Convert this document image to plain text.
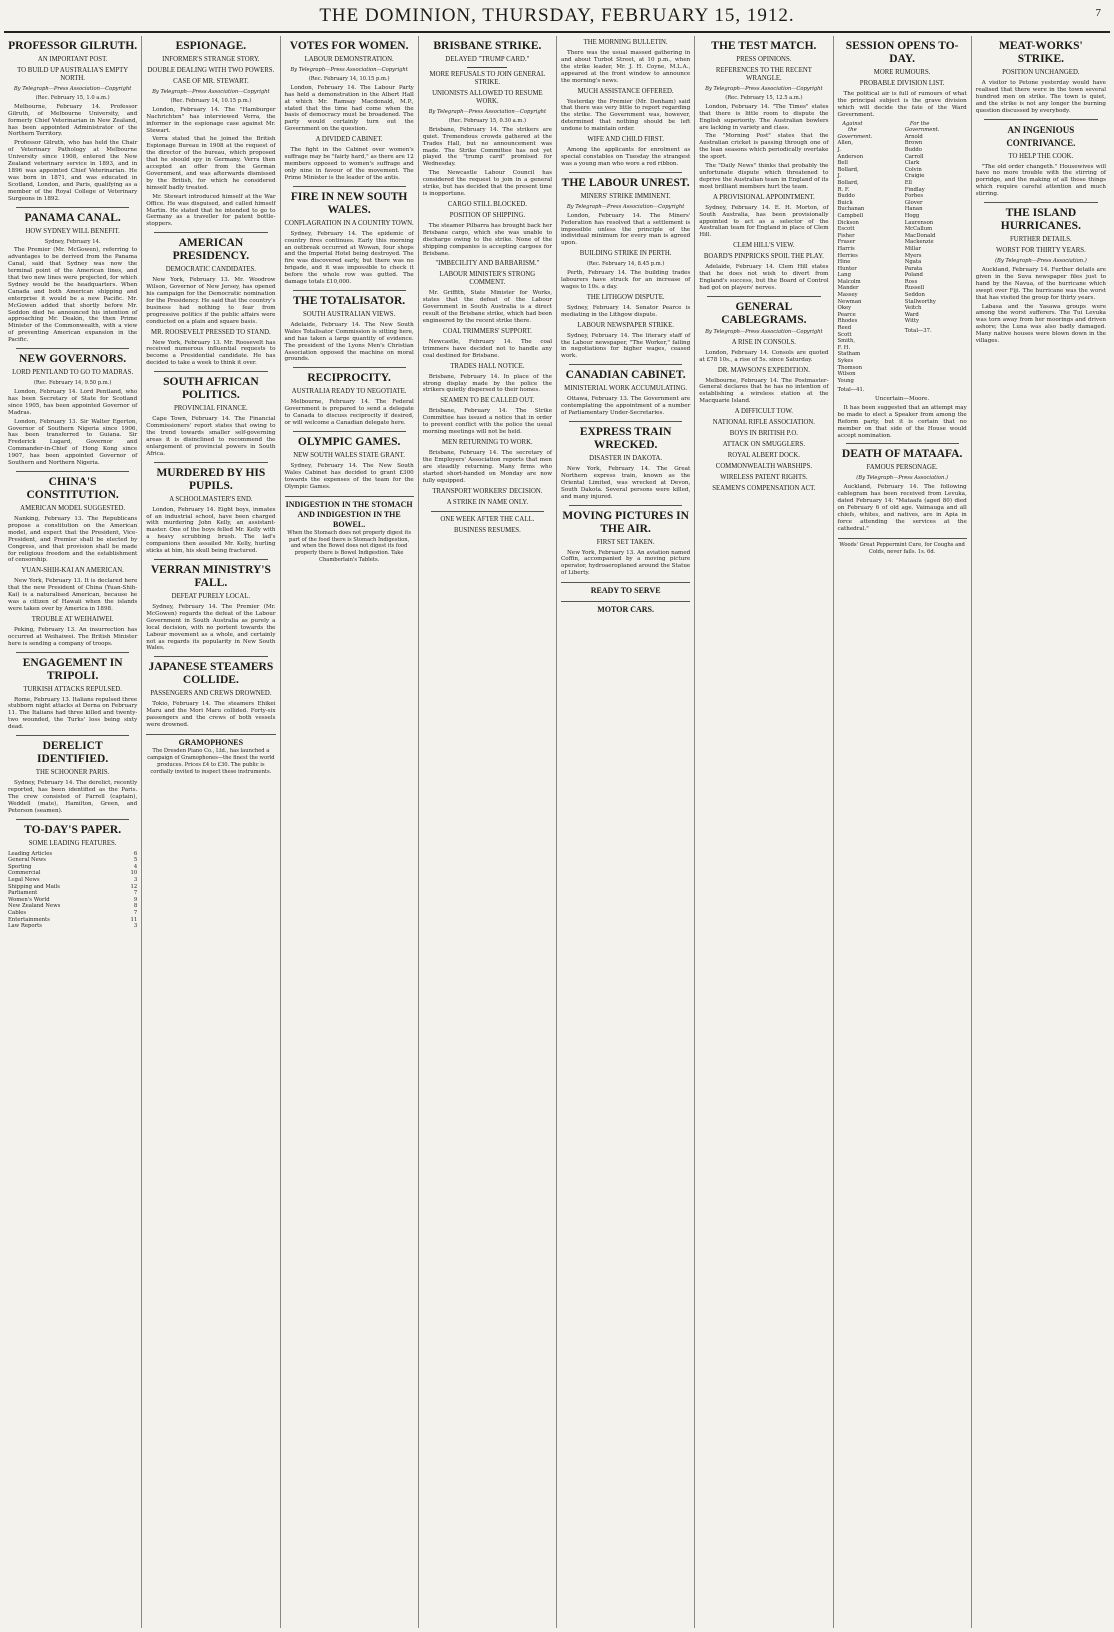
THE DOMINION, THURSDAY, FEBRUARY 15, 1912.	7
PROFESSOR GILRUTH.
AN IMPORTANT POST.
TO BUILD UP AUSTRALIA'S EMPTY NORTH.
By Telegraph—Press Association—Copyright
(Rec. February 15, 1.0 a.m.)

Melbourne, February 14. Professor Gilruth, of Melbourne University, and formerly Chief Veterinarian in New Zealand, has been appointed Administrator of the Northern Territory.

Professor Gilruth, who has held the Chair of Veterinary Pathology at Melbourne University since 1908, entered the New Zealand veterinary service in 1893, and in 1896 was appointed Chief Veterinarian. He was born in 1871, and was educated in Scotland, London, and Paris, qualifying as a member of the Royal College of Veterinary Surgeons in 1892.

PANAMA CANAL.
HOW SYDNEY WILL BENEFIT.
Sydney, February 14.

The Premier (Mr. McGowen), referring to advantages to be derived from the Panama Canal, said that Sydney was now the terminal point of the American lines, and that two new lines were projected, for which Sydney would be the headquarters. When Canada and both American shipping and enterprise it would be a new Pacific. Mr. McGowen added that shortly before Mr. Seddon died he announced his intention of approaching Mr. Deakin, the then Prime Minister of the Commonwealth, with a view of preventing American expansion in the Pacific.

NEW GOVERNORS.
LORD PENTLAND TO GO TO MADRAS.
(Rec. February 14, 9.50 p.m.)

London, February 14. Lord Pentland, who has been Secretary of State for Scotland since 1905, has been appointed Governor of Madras.

London, February 13. Sir Walter Egerton, Governor of Southern Nigeria since 1906, has been transferred to Guiana. Sir Frederick Lugard, Governor and Commander-in-Chief of Hong Kong since 1907, has been appointed Governor of Southern and Northern Nigeria.

CHINA'S CONSTITUTION.
AMERICAN MODEL SUGGESTED.

Nanking, February 13. The Republicans propose a constitution on the American model, and expect that the President, Vice-President, and Premier shall be elected by Congress, and that provision shall be made for religious freedom and the establishment of censorship.

YUAN-SHIH-KAI AN AMERICAN.

New York, February 13. It is declared here that the new President of China (Yuan-Shih-Kai) is a naturalised American, because he was a citizen of Hawaii when the islands were taken over by America in 1898.

TROUBLE AT WEIHAIWEI.

Peking, February 13. An insurrection has occurred at Weihaiwei. The British Minister here is sending a company of troops.

ENGAGEMENT IN TRIPOLI.
TURKISH ATTACKS REPULSED.

Rome, February 13. Italians repulsed three stubborn night attacks at Derna on February 11. The Italians had three killed and twenty-two wounded, the Turks' loss being sixty dead.

DERELICT IDENTIFIED.
THE SCHOONER PARIS.

Sydney, February 14. The derelict, recently reported, has been identified as the Paris. The crew consisted of Farrell (captain), Weddell (mate), Hamilton, Green, and Peterson (seamen).

TO-DAY'S PAPER.
SOME LEADING FEATURES.
Leading Articles	6
General News	5
Sporting	4
Commercial	10
Legal News	3
Shipping and Mails	12
Parliament	7
Women's World	9
New Zealand News	8
Cables	7
Entertainments	11
Law Reports	3
ESPIONAGE.
INFORMER'S STRANGE STORY.
DOUBLE DEALING WITH TWO POWERS.
CASE OF MR. STEWART.
By Telegraph—Press Association—Copyright
(Rec. February 14, 10.15 p.m.)

London, February 14. The "Hamburger Nachrichten" has interviewed Verra, the informer in the espionage case against Mr. Stewart.

Verra stated that he joined the British Espionage Bureau in 1908 at the request of the director of the bureau, which proposed that he should spy in Germany. Verra then accepted an offer from the German Government, and was afterwards dismissed by the British, for which he considered himself badly treated.

Mr. Stewart introduced himself at the War Office. He was disguised, and called himself Martin. He stated that he intended to go to Germany as a traveller for patent bottle-stoppers.

AMERICAN PRESIDENCY.
DEMOCRATIC CANDIDATES.

New York, February 13. Mr. Woodrow Wilson, Governor of New Jersey, has opened his campaign for the Democratic nomination for the Presidency. He said that the country's business had nothing to fear from progressive politics if the public affairs were conducted on a plain and square basis.

MR. ROOSEVELT PRESSED TO STAND.

New York, February 13. Mr. Roosevelt has received numerous influential requests to become a Presidential candidate. He has decided to take a week to think it over.

SOUTH AFRICAN POLITICS.
PROVINCIAL FINANCE.

Cape Town, February 14. The Financial Commissioners' report states that owing to the trend towards smaller self-governing areas it is disinclined to recommend the enlargement of provincial powers in South Africa.

MURDERED BY HIS PUPILS.
A SCHOOLMASTER'S END.

London, February 14. Eight boys, inmates of an industrial school, have been charged with murdering John Kelly, an assistant-master. One of the boys felled Mr. Kelly with a heavy scrubbing brush. The lad's companions then assailed Mr. Kelly, hurling sticks at him, his skull being fractured.

VERRAN MINISTRY'S FALL.
DEFEAT PURELY LOCAL.

Sydney, February 14. The Premier (Mr. McGowen) regards the defeat of the Labour Government in South Australia as purely a local decision, with no portent towards the Labour movement as a whole, and certainly not as regards its popularity in New South Wales.

JAPANESE STEAMERS COLLIDE.
PASSENGERS AND CREWS DROWNED.

Tokio, February 14. The steamers Ehikei Maru and the Mori Maru collided. Forty-six passengers and the crews of both vessels were drowned.

GRAMOPHONES
The Dresden Piano Co., Ltd., has launched a campaign of Gramophones—the finest the world produces. Prices £4 to £30. The public is cordially invited to inspect these instruments.
VOTES FOR WOMEN.
LABOUR DEMONSTRATION.
By Telegraph—Press Association—Copyright
(Rec. February 14, 10.15 p.m.)

London, February 14. The Labour Party has held a demonstration in the Albert Hall at which Mr. Ramsay Macdonald, M.P., stated that the time had come when the basis of democracy must be broadened. The party would certainly turn out the Government on the question.

A DIVIDED CABINET.

The fight in the Cabinet over women's suffrage may be "fairly hard," as there are 12 members opposed to women's suffrage and only nine in favour of the movement. The Prime Minister is the leader of the antis.

FIRE IN NEW SOUTH WALES.
CONFLAGRATION IN A COUNTRY TOWN.

Sydney, February 14. The epidemic of country fires continues. Early this morning an outbreak occurred at Wowan, four shops and the Imperial Hotel being destroyed. The fire was discovered early, but there was no brigade, and it was impossible to check it before the whole row was gutted. The damage totals £10,000.

THE TOTALISATOR.
SOUTH AUSTRALIAN VIEWS.

Adelaide, February 14. The New South Wales Totalisator Commission is sitting here, and has taken a large quantity of evidence. The president of the Lyons Men's Christian Association opposed the machine on moral grounds.

RECIPROCITY.
AUSTRALIA READY TO NEGOTIATE.

Melbourne, February 14. The Federal Government is prepared to send a delegate to Canada to discuss reciprocity if desired, or will welcome a Canadian delegate here.

OLYMPIC GAMES.
NEW SOUTH WALES STATE GRANT.

Sydney, February 14. The New South Wales Cabinet has decided to grant £300 towards the expenses of the team for the Olympic Games.

INDIGESTION IN THE STOMACH AND INDIGESTION IN THE BOWEL.
When the Stomach does not properly digest its part of the food there is Stomach Indigestion, and when the Bowel does not digest its food properly there is Bowel Indigestion. Take Chamberlain's Tablets.
BRISBANE STRIKE.
DELAYED "TRUMP CARD."
MORE REFUSALS TO JOIN GENERAL STRIKE.
UNIONISTS ALLOWED TO RESUME WORK.
By Telegraph—Press Association—Copyright
(Rec. February 15, 0.30 a.m.)

Brisbane, February 14. The strikers are quiet. Tremendous crowds gathered at the Trades Hall, but no announcement was made. The Strike Committee has not yet played the "trump card" promised for Wednesday.

The Newcastle Labour Council has considered the request to join in a general strike, but has decided that the present time is inopportune.

CARGO STILL BLOCKED.
POSITION OF SHIPPING.

The steamer Pilbarra has brought back her Brisbane cargo, which she was unable to discharge owing to the strike. None of the shipping companies is accepting cargoes for Brisbane.

"IMBECILITY AND BARBARISM."
LABOUR MINISTER'S STRONG COMMENT.

Mr. Griffith, State Minister for Works, states that the defeat of the Labour Government in South Australia is a direct result of the Brisbane strike, which had been engineered by the recent strike there.

COAL TRIMMERS' SUPPORT.

Newcastle, February 14. The coal trimmers have decided not to handle any coal destined for Brisbane.

TRADES HALL NOTICE.

Brisbane, February 14. In place of the strong display made by the police the strikers quietly dispersed to their homes.

SEAMEN TO BE CALLED OUT.

Brisbane, February 14. The Strike Committee has issued a notice that in order to prevent conflict with the police the usual morning meetings will not be held.

MEN RETURNING TO WORK.

Brisbane, February 14. The secretary of the Employers' Association reports that men are steadily returning. Many firms who started short-handed on Monday are now fully equipped.

TRANSPORT WORKERS' DECISION.
A STRIKE IN NAME ONLY.
ONE WEEK AFTER THE CALL.
BUSINESS RESUMES.
THE MORNING BULLETIN.

There was the usual massed gathering in and about Turbot Street, at 10 p.m., when the strike leader, Mr. J. H. Coyne, M.L.A., appeared at the front window to announce the morning's news.

MUCH ASSISTANCE OFFERED.

Yesterday the Premier (Mr. Denham) said that there was very little to report regarding the strike. The Government was, however, determined that nothing should be left undone to maintain order.

WIFE AND CHILD FIRST.

Among the applicants for enrolment as special constables on Tuesday the strangest was a young man who wore a red ribbon.

THE LABOUR UNREST.
MINERS' STRIKE IMMINENT.
By Telegraph—Press Association—Copyright

London, February 14. The Miners' Federation has resolved that a settlement is impossible unless the principle of the individual minimum for every man is agreed upon.

BUILDING STRIKE IN PERTH.
(Rec. February 14, 8.45 p.m.)

Perth, February 14. The building trades labourers have struck for an increase of wages to 10s. a day.

THE LITHGOW DISPUTE.

Sydney, February 14. Senator Pearce is mediating in the Lithgow dispute.

LABOUR NEWSPAPER STRIKE.

Sydney, February 14. The literary staff of the Labour newspaper, "The Worker," failing in negotiations for higher wages, ceased work.

CANADIAN CABINET.
MINISTERIAL WORK ACCUMULATING.

Ottawa, February 13. The Government are contemplating the appointment of a number of Parliamentary Under-Secretaries.

EXPRESS TRAIN WRECKED.
DISASTER IN DAKOTA.

New York, February 14. The Great Northern express train, known as the Oriental Limited, was wrecked at Devon, South Dakota. Several persons were killed, and many injured.

MOVING PICTURES IN THE AIR.
FIRST SET TAKEN.

New York, February 13. An aviation named Coffin, accompanied by a moving picture operator, hydroaeroplaned around the Statue of Liberty.

READY TO SERVE
MOTOR CARS.
THE TEST MATCH.
PRESS OPINIONS.
REFERENCES TO THE RECENT WRANGLE.
By Telegraph—Press Association—Copyright
(Rec. February 15, 12.5 a.m.)

London, February 14. "The Times" states that there is little room to dispute the English superiority. The Australian bowlers are lacking in variety and class.

The "Morning Post" states that the Australian cricket is passing through one of the lean seasons which periodically overtake the sport.

The "Daily News" thinks that probably the unfortunate dispute which threatened to deprive the Australian team in England of its most brilliant members hurt the team.

A PROVISIONAL APPOINTMENT.

Sydney, February 14. E. H. Morton, of South Australia, has been provisionally appointed to act as a selector of the Australian team for England in place of Clem Hill.

CLEM HILL'S VIEW.
BOARD'S PINPRICKS SPOIL THE PLAY.

Adelaide, February 14. Clem Hill states that he does not wish to divert from England's success, but the Board of Control had got on players' nerves.

GENERAL CABLEGRAMS.
By Telegraph—Press Association—Copyright
A RISE IN CONSOLS.

London, February 14. Consols are quoted at £78 10s., a rise of 5s. since Saturday.

DR. MAWSON'S EXPEDITION.

Melbourne, February 14. The Postmaster-General declares that he has no intention of establishing a wireless station at the Macquarie Island.

A DIFFICULT TOW.
NATIONAL RIFLE ASSOCIATION.
BOYS IN BRITISH P.O.
ATTACK ON SMUGGLERS.
ROYAL ALBERT DOCK.
COMMONWEALTH WARSHIPS.
WIRELESS PATENT RIGHTS.
SEAMEN'S COMPENSATION ACT.
SESSION OPENS TO-DAY.
MORE RUMOURS.
PROBABLE DIVISION LIST.

The political air is full of rumours of what the principal subject is the grave division which will decide the fate of the Ward Government.

Against the Government.
Allen, J.
Anderson
Bell
Bollard, J.
Bollard, R. F.
Buddo
Buick
Buchanan
Campbell
Dickson
Escott
Fisher
Fraser
Harris
Herries
Hine
Hunter
Lang
Malcolm
Mander
Massey
Newman
Okey
Pearce
Rhodes
Reed
Scott
Smith, F. H.
Statham
Sykes
Thomson
Wilson
Young
Total—41.
For the Government.
Arnold
Brown
Buddo
Carroll
Clark
Colvin
Craigie
Ell
Findlay
Forbes
Glover
Hanan
Hogg
Laurenson
McCallum
MacDonald
Mackenzie
Millar
Myers
Ngata
Parata
Poland
Ross
Russell
Seddon
Stallworthy
Veitch
Ward
Witty
Total—37.
Uncertain—Moore.

It has been suggested that an attempt may be made to elect a Speaker from among the Reform party, but it is certain that no member on that side of the House would accept nomination.

DEATH OF MATAAFA.
FAMOUS PERSONAGE.
(By Telegraph—Press Association.)

Auckland, February 14. The following cablegram has been received from Levuka, dated February 14: "Mataafa (aged 80) died on February 6 of old age. Vaimauga and all chiefs, whites, and natives, are in Apia in force attending the services at the cathedral."

Woods' Great Peppermint Cure, for Coughs and Colds, never fails. 1s. 6d.
MEAT-WORKS' STRIKE.
POSITION UNCHANGED.

A visitor to Petone yesterday would have realised that there were in the town several hundred men on strike. The town is quiet, and the strike is not any longer the burning question discussed by everybody.

AN INGENIOUS CONTRIVANCE.
TO HELP THE COOK.

"The old order changeth." Housewives will have no more trouble with the stirring of porridge, and the making of all those things which require careful attention and much stirring.

THE ISLAND HURRICANES.
FURTHER DETAILS.
WORST FOR THIRTY YEARS.
(By Telegraph—Press Association.)

Auckland, February 14. Further details are given in the Suva newspaper files just to hand by the Navua, of the hurricane which swept over Fiji. The hurricane was the worst that has visited the group for thirty years.

Labasa and the Yasawa groups were among the worst sufferers. The Tui Levuka was torn away from her moorings and driven ashore; the Luna was also badly damaged. Many native houses were blown down in the villages.
